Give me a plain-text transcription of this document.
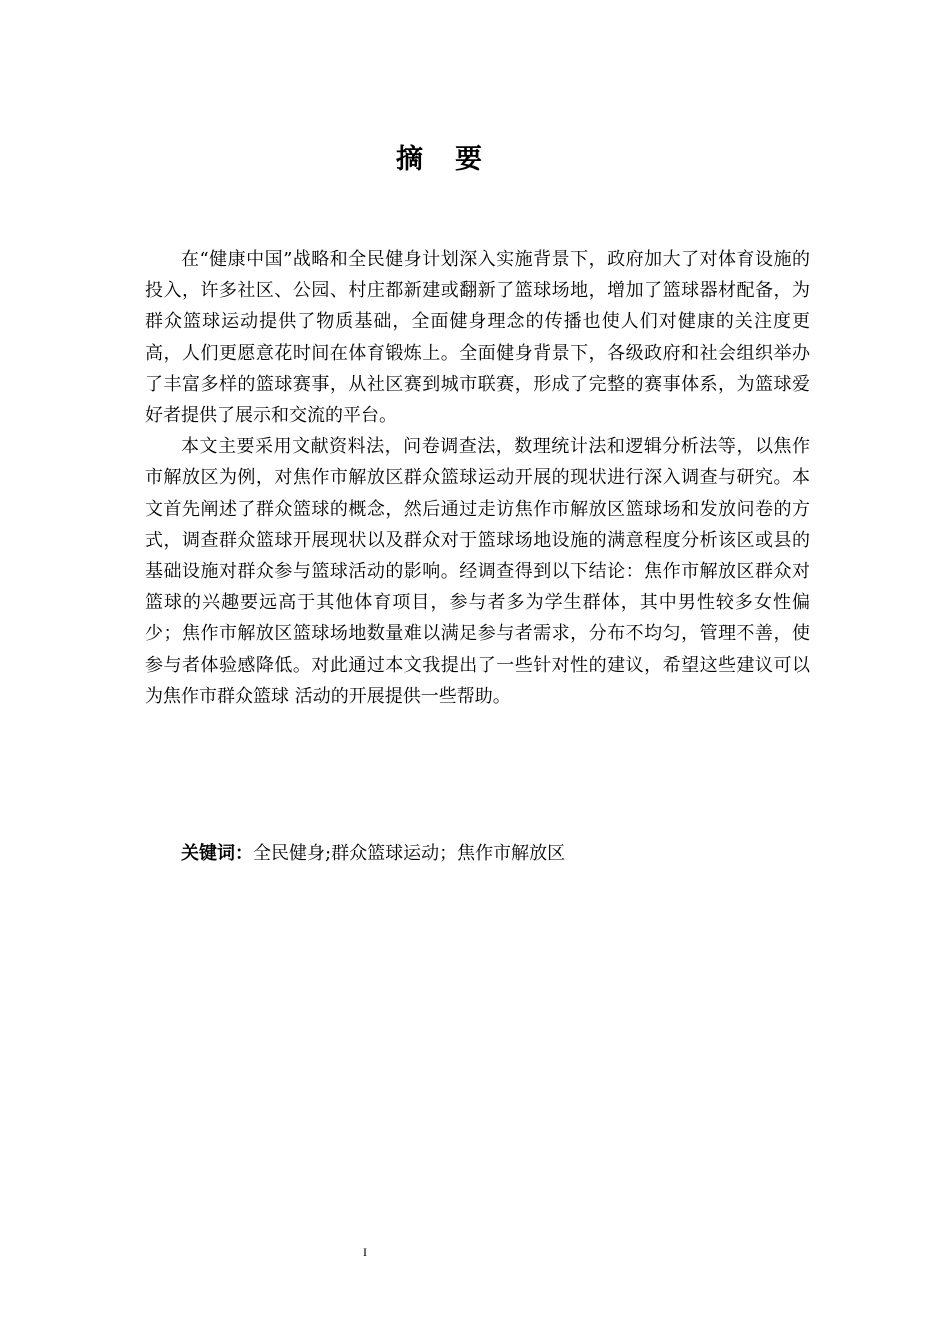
摘要

在“健康中国”战略和全民健身计划深入实施背景下，政府加大了对体育设施的投入，许多社区、公园、村庄都新建或翻新了篮球场地，增加了篮球器材配备，为群众篮球运动提供了物质基础，全面健身理念的传播也使人们对健康的关注度更高，人们更愿意花时间在体育锻炼上。全面健身背景下，各级政府和社会组织举办了丰富多样的篮球赛事，从社区赛到城市联赛，形成了完整的赛事体系，为篮球爱好者提供了展示和交流的平台。

本文主要采用文献资料法，问卷调查法，数理统计法和逻辑分析法等，以焦作市解放区为例，对焦作市解放区群众篮球运动开展的现状进行深入调查与研究。本文首先阐述了群众篮球的概念，然后通过走访焦作市解放区篮球场和发放问卷的方式，调查群众篮球开展现状以及群众对于篮球场地设施的满意程度分析该区或县的基础设施对群众参与篮球活动的影响。经调查得到以下结论：焦作市解放区群众对篮球的兴趣要远高于其他体育项目，参与者多为学生群体，其中男性较多女性偏少；焦作市解放区篮球场地数量难以满足参与者需求，分布不均匀，管理不善，使参与者体验感降低。对此通过本文我提出了一些针对性的建议，希望这些建议可以为焦作市群众篮球 活动的开展提供一些帮助。

关键词：全民健身;群众篮球运动；焦作市解放区
I
